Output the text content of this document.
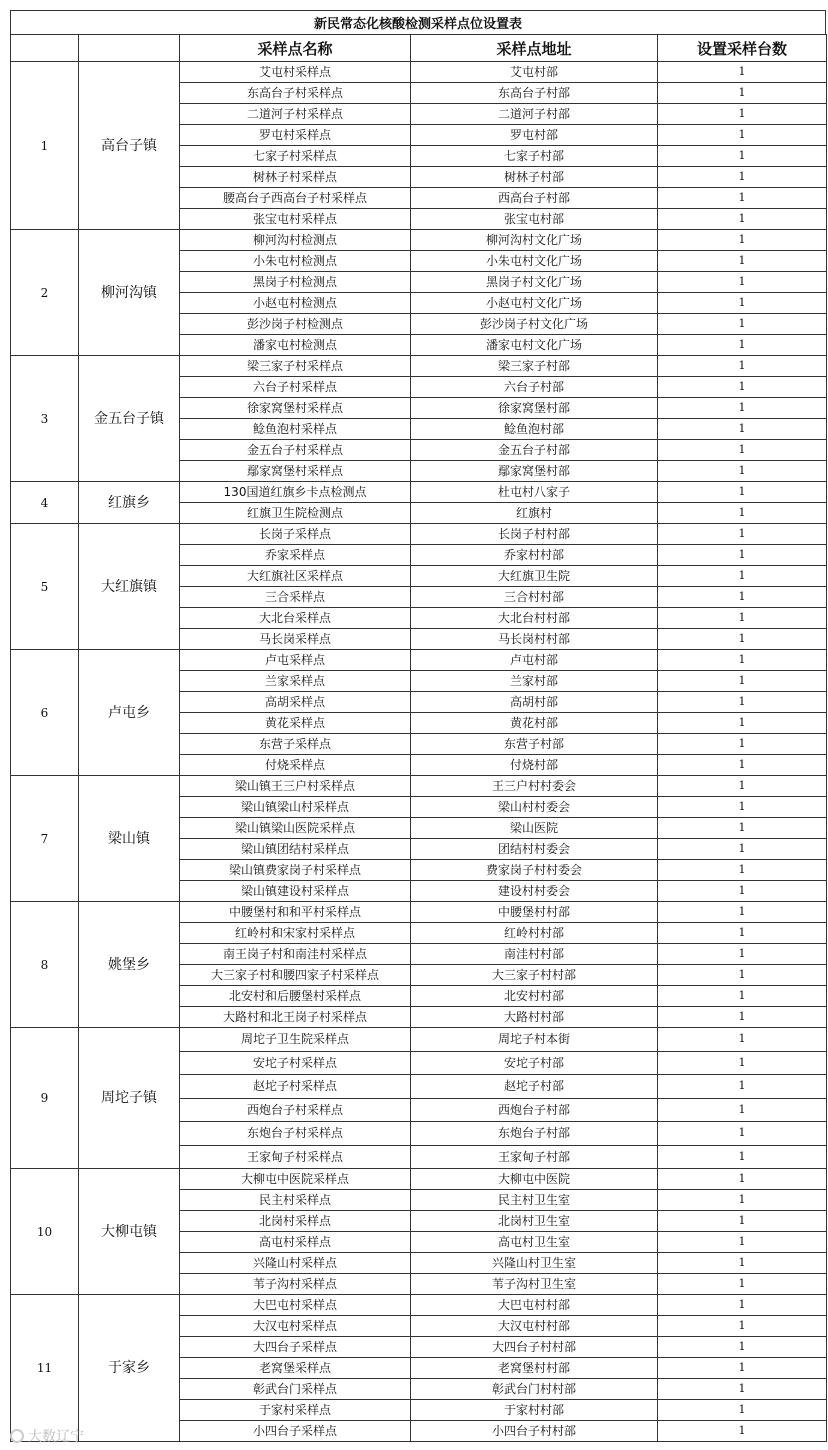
新民常态化核酸检测采样点位设置表
		采样点名称	采样点地址	设置采样台数
1	高台子镇	艾屯村采样点	艾屯村部	1
		东高台子村采样点	东高台子村部	1
		二道河子村采样点	二道河子村部	1
		罗屯村采样点	罗屯村部	1
		七家子村采样点	七家子村部	1
		树林子村采样点	树林子村部	1
		腰高台子西高台子村采样点	西高台子村部	1
		张宝屯村采样点	张宝屯村部	1
2	柳河沟镇	柳河沟村检测点	柳河沟村文化广场	1
		小朱屯村检测点	小朱屯村文化广场	1
		黑岗子村检测点	黑岗子村文化广场	1
		小赵屯村检测点	小赵屯村文化广场	1
		彭沙岗子村检测点	彭沙岗子村文化广场	1
		潘家屯村检测点	潘家屯村文化广场	1
3	金五台子镇	梁三家子村采样点	梁三家子村部	1
		六台子村采样点	六台子村部	1
		徐家窝堡村采样点	徐家窝堡村部	1
		鲶鱼泡村采样点	鲶鱼泡村部	1
		金五台子村采样点	金五台子村部	1
		鄢家窝堡村采样点	鄢家窝堡村部	1
4	红旗乡	130国道红旗乡卡点检测点	杜屯村八家子	1
		红旗卫生院检测点	红旗村	1
5	大红旗镇	长岗子采样点	长岗子村村部	1
		乔家采样点	乔家村村部	1
		大红旗社区采样点	大红旗卫生院	1
		三合采样点	三合村村部	1
		大北台采样点	大北台村村部	1
		马长岗采样点	马长岗村村部	1
6	卢屯乡	卢屯采样点	卢屯村部	1
		兰家采样点	兰家村部	1
		高胡采样点	高胡村部	1
		黄花采样点	黄花村部	1
		东营子采样点	东营子村部	1
		付烧采样点	付烧村部	1
7	梁山镇	梁山镇王三户村采样点	王三户村村委会	1
		梁山镇梁山村采样点	梁山村村委会	1
		梁山镇梁山医院采样点	梁山医院	1
		梁山镇团结村采样点	团结村村委会	1
		梁山镇费家岗子村采样点	费家岗子村村委会	1
		梁山镇建设村采样点	建设村村委会	1
8	姚堡乡	中腰堡村和和平村采样点	中腰堡村村部	1
		红岭村和宋家村采样点	红岭村村部	1
		南王岗子村和南洼村采样点	南洼村村部	1
		大三家子村和腰四家子村采样点	大三家子村村部	1
		北安村和后腰堡村采样点	北安村村部	1
		大路村和北王岗子村采样点	大路村村部	1
9	周坨子镇	周坨子卫生院采样点	周坨子村本街	1
		安坨子村采样点	安坨子村部	1
		赵坨子村采样点	赵坨子村部	1
		西炮台子村采样点	西炮台子村部	1
		东炮台子村采样点	东炮台子村部	1
		王家甸子村采样点	王家甸子村部	1
10	大柳屯镇	大柳屯中医院采样点	大柳屯中医院	1
		民主村采样点	民主村卫生室	1
		北岗村采样点	北岗村卫生室	1
		高屯村采样点	高屯村卫生室	1
		兴隆山村采样点	兴隆山村卫生室	1
		苇子沟村采样点	苇子沟村卫生室	1
11	于家乡	大巴屯村采样点	大巴屯村村部	1
		大汉屯村采样点	大汉屯村村部	1
		大四台子采样点	大四台子村村部	1
		老窝堡采样点	老窝堡村村部	1
		彰武台门采样点	彰武台门村村部	1
		于家村采样点	于家村村部	1
		小四台子采样点	小四台子村村部	1
大数辽宁
